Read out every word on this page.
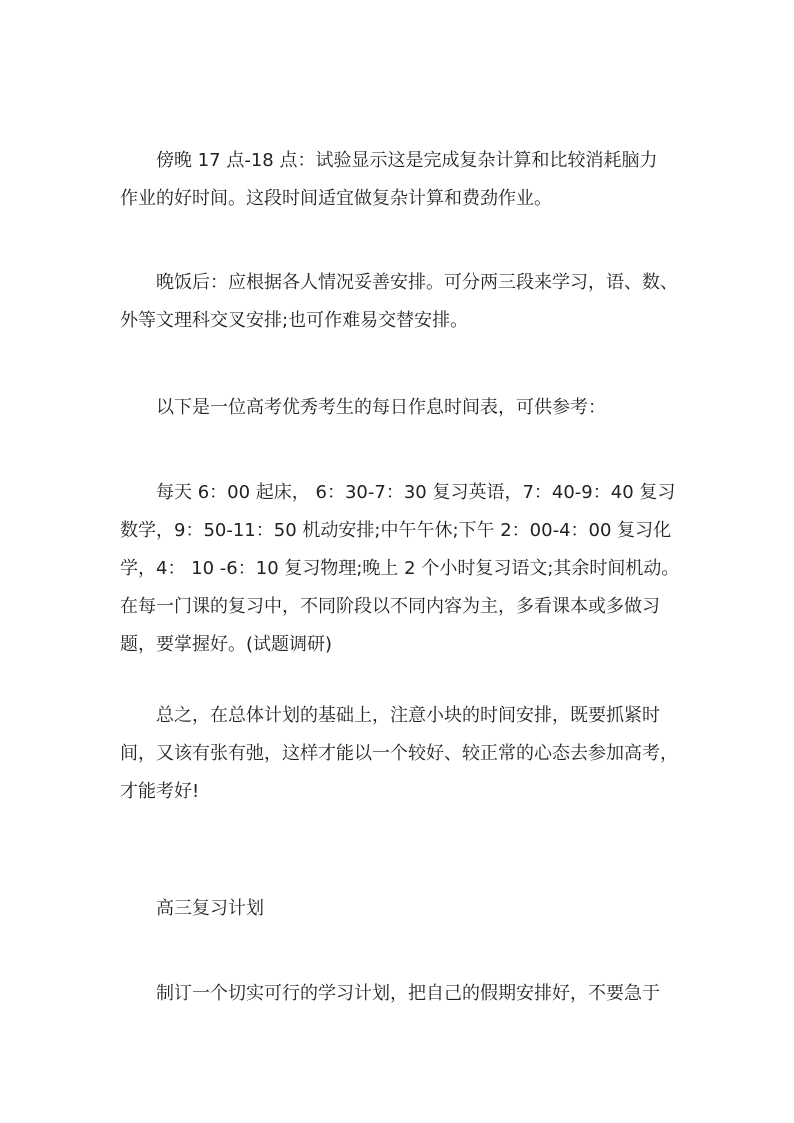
傍晚 17 点-18 点：试验显示这是完成复杂计算和比较消耗脑力
作业的好时间。这段时间适宜做复杂计算和费劲作业。

晚饭后：应根据各人情况妥善安排。可分两三段来学习，语、数、
外等文理科交叉安排;也可作难易交替安排。

以下是一位高考优秀考生的每日作息时间表，可供参考：

每天 6：00 起床， 6：30-7：30 复习英语，7：40-9：40 复习
数学，9：50-11：50 机动安排;中午午休;下午 2：00-4：00 复习化
学，4： 10 -6：10 复习物理;晚上 2 个小时复习语文;其余时间机动。
在每一门课的复习中，不同阶段以不同内容为主，多看课本或多做习
题，要掌握好。(试题调研)

总之，在总体计划的基础上，注意小块的时间安排，既要抓紧时
间，又该有张有弛，这样才能以一个较好、较正常的心态去参加高考，
才能考好!

高三复习计划

制订一个切实可行的学习计划，把自己的假期安排好，不要急于
